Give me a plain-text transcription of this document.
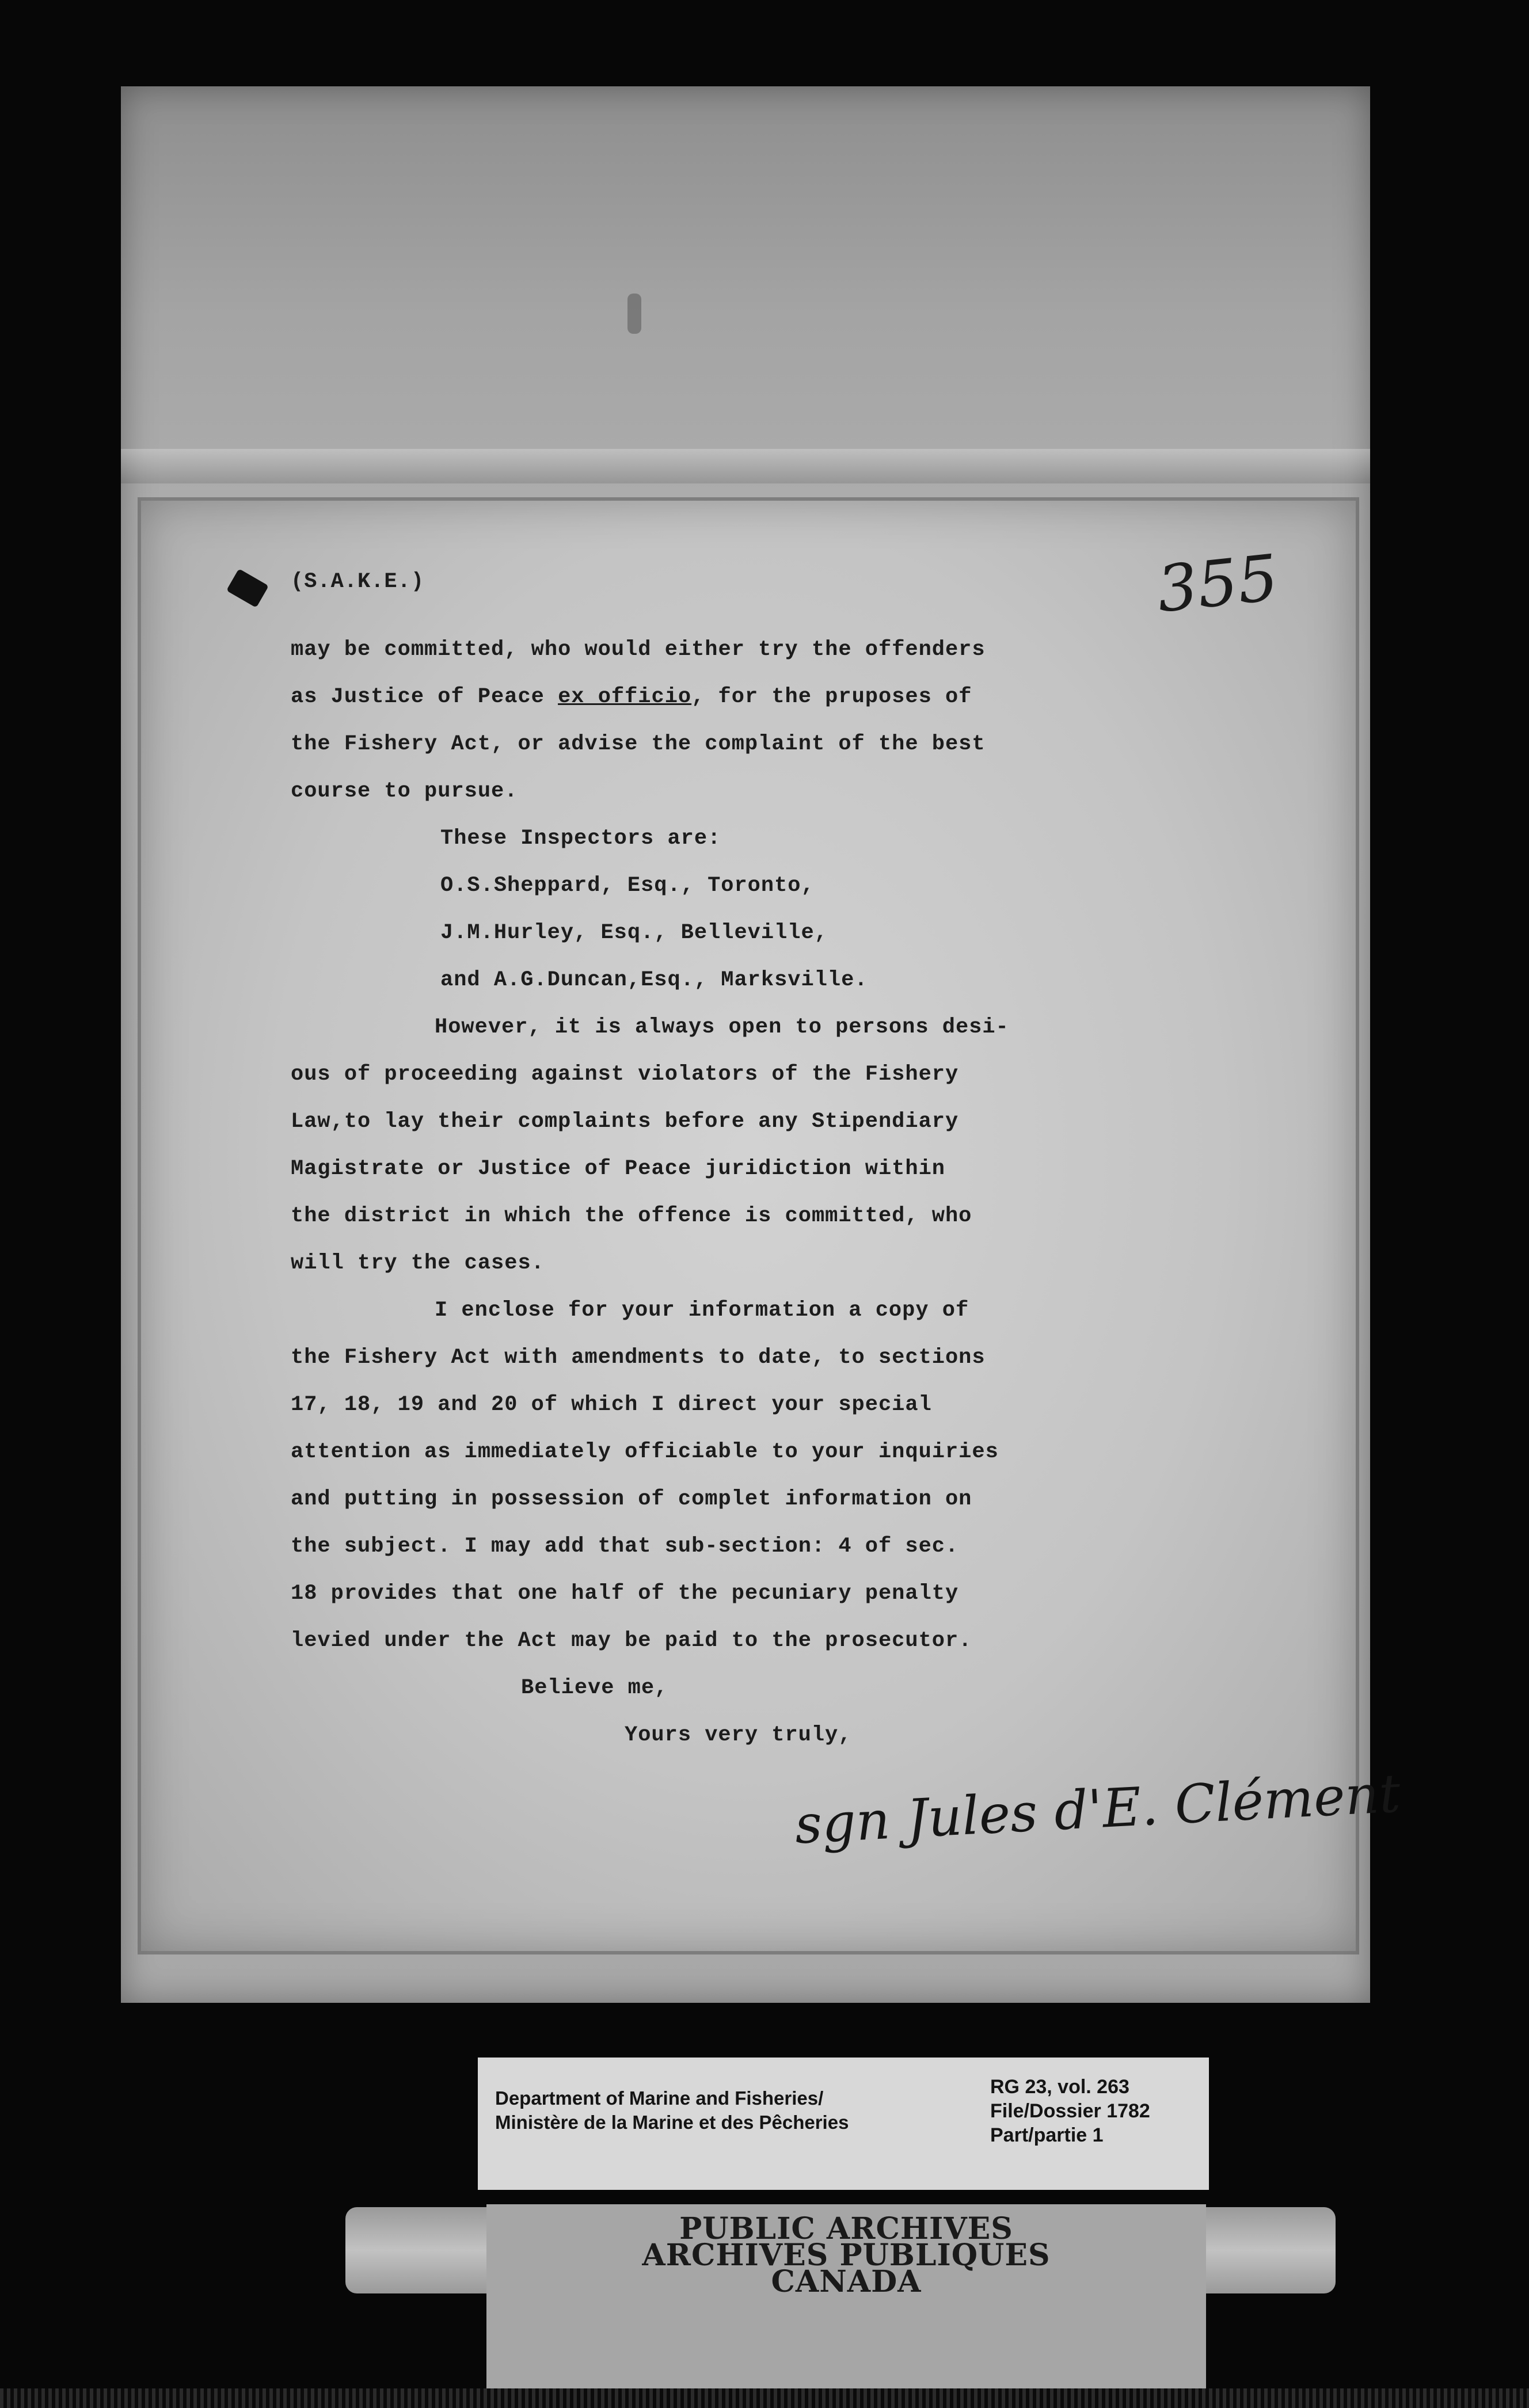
(S.A.K.E.)
may be committed, who would either try the offenders
as Justice of Peace ex officio, for the pruposes of
the Fishery Act, or advise the complaint of the best
course to pursue.
These Inspectors are:
O.S.Sheppard, Esq., Toronto,
J.M.Hurley, Esq., Belleville,
and A.G.Duncan,Esq., Marksville.
However, it is always open to persons desi-
ous of proceeding against violators of the Fishery
Law,to lay their complaints before any Stipendiary
Magistrate or Justice of Peace juridiction within
the district in which the offence is committed, who
will try the cases.
I enclose for your information a copy of
the Fishery Act with amendments to date, to sections
17, 18, 19 and 20 of which I direct your special
attention as immediately officiable to your inquiries
and putting in possession of complet information on
the subject. I may add that sub-section: 4 of sec.
18 provides that one half of the pecuniary penalty
levied under the Act may be paid to the prosecutor.
Believe me,
Yours very truly,
355
sgn Jules d'E. Clément
Department of Marine and Fisheries/
Ministère de la Marine et des Pêcheries
RG 23, vol. 263
File/Dossier 1782
Part/partie 1
PUBLIC ARCHIVES
ARCHIVES PUBLIQUES
CANADA
